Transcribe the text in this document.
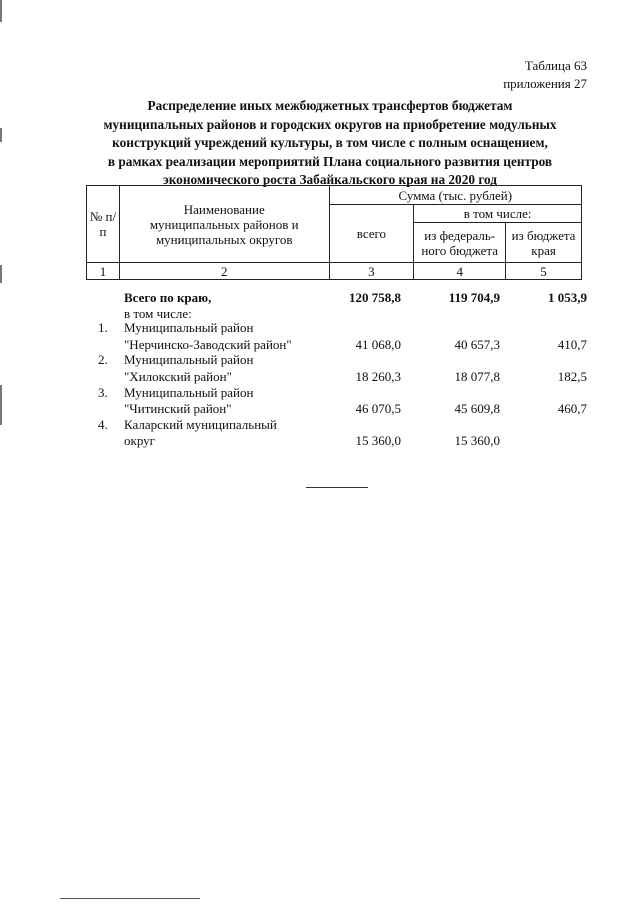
Таблица 63
приложения 27
Распределение иных межбюджетных трансфертов бюджетам
муниципальных районов и городских округов на приобретение модульных
конструкций учреждений культуры, в том числе с полным оснащением,
в рамках реализации мероприятий Плана социального развития центров
экономического роста Забайкальского края на 2020 год
№ п/п	Наименование муниципальных районов и муниципальных округов	Сумма (тыс. рублей)		
		всего	в том числе:	
			из федераль-ного бюджета	из бюджета края
1	2	3	4	5
Всего по краю,	120 758,8	119 704,9	1 053,9
в том числе:
1. Муниципальный район
"Нерчинско-Заводский район"	41 068,0	40 657,3	410,7
2. Муниципальный район
"Хилокский район"	18 260,3	18 077,8	182,5
3. Муниципальный район
"Читинский район"	46 070,5	45 609,8	460,7
4. Каларский муниципальный
округ	15 360,0	15 360,0
